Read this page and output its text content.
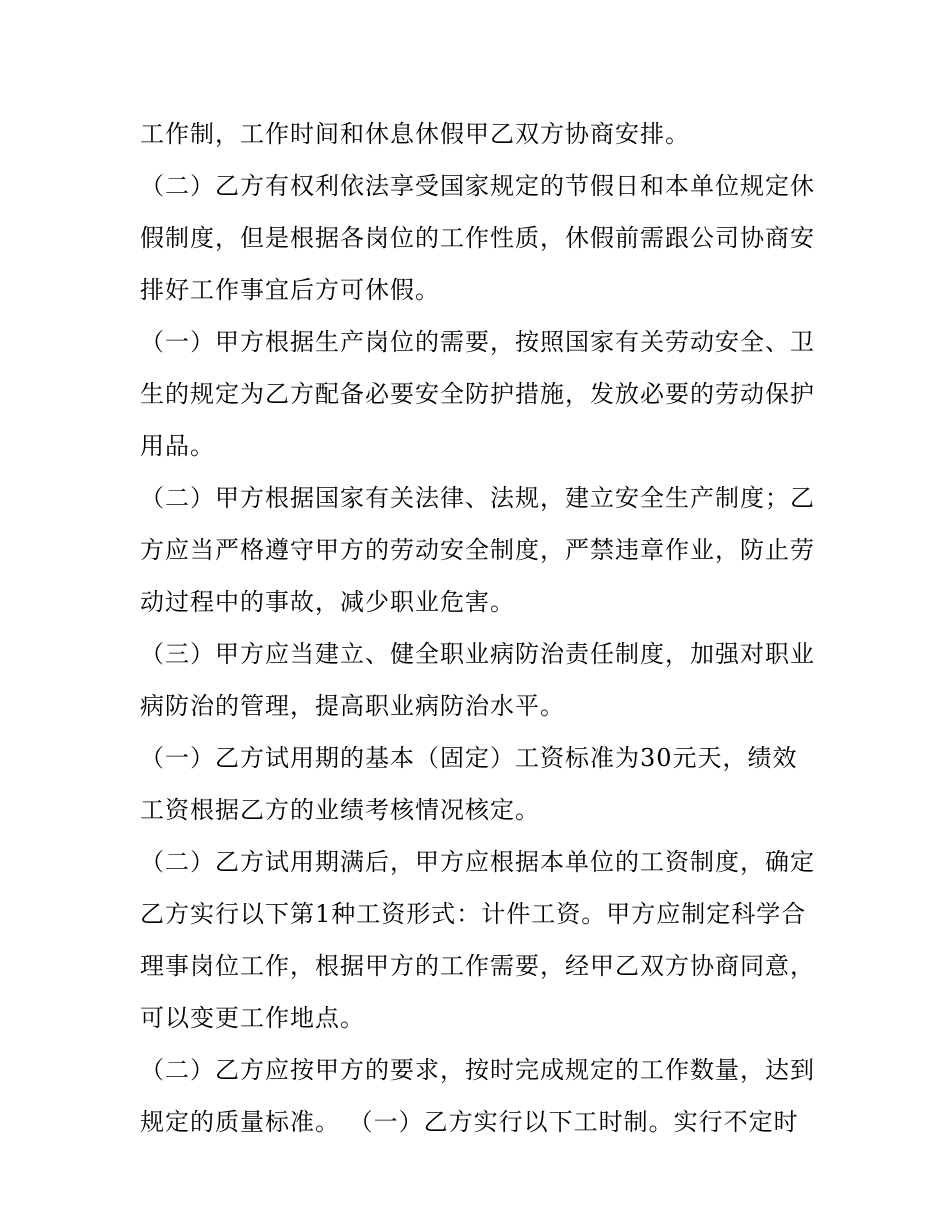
工作制，工作时间和休息休假甲乙双方协商安排。

（二）乙方有权利依法享受国家规定的节假日和本单位规定休

假制度，但是根据各岗位的工作性质，休假前需跟公司协商安

排好工作事宜后方可休假。

（一）甲方根据生产岗位的需要，按照国家有关劳动安全、卫

生的规定为乙方配备必要安全防护措施，发放必要的劳动保护

用品。

（二）甲方根据国家有关法律、法规，建立安全生产制度；乙

方应当严格遵守甲方的劳动安全制度，严禁违章作业，防止劳

动过程中的事故，减少职业危害。

（三）甲方应当建立、健全职业病防治责任制度，加强对职业

病防治的管理，提高职业病防治水平。

（一）乙方试用期的基本（固定）工资标准为30元天，绩效

工资根据乙方的业绩考核情况核定。

（二）乙方试用期满后，甲方应根据本单位的工资制度，确定

乙方实行以下第1种工资形式：计件工资。甲方应制定科学合

理事岗位工作，根据甲方的工作需要，经甲乙双方协商同意，

可以变更工作地点。

（二）乙方应按甲方的要求，按时完成规定的工作数量，达到

规定的质量标准。 （一）乙方实行以下工时制。实行不定时
